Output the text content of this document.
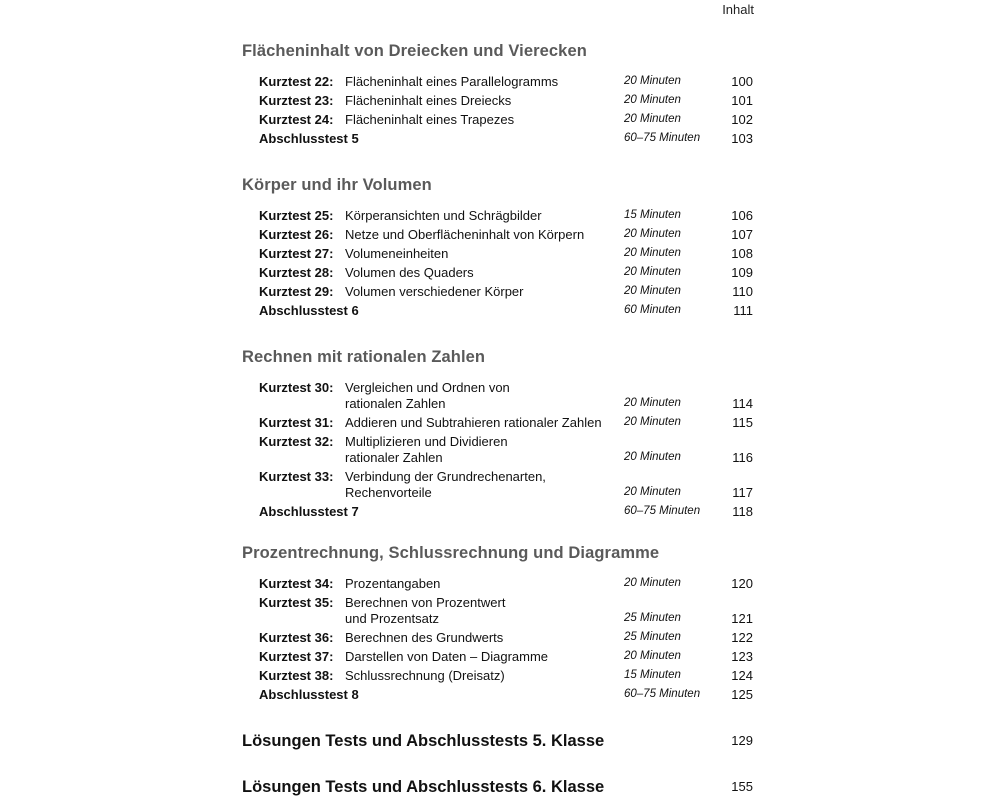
Inhalt
Flächeninhalt von Dreiecken und Vierecken
Kurztest 22: Flächeninhalt eines Parallelogramms	20 Minuten	100
Kurztest 23: Flächeninhalt eines Dreiecks	20 Minuten	101
Kurztest 24: Flächeninhalt eines Trapezes	20 Minuten	102
Abschlusstest 5	60–75 Minuten	103
Körper und ihr Volumen
Kurztest 25: Körperansichten und Schrägbilder	15 Minuten	106
Kurztest 26: Netze und Oberflächeninhalt von Körpern	20 Minuten	107
Kurztest 27: Volumeneinheiten	20 Minuten	108
Kurztest 28: Volumen des Quaders	20 Minuten	109
Kurztest 29: Volumen verschiedener Körper	20 Minuten	110
Abschlusstest 6	60 Minuten	111
Rechnen mit rationalen Zahlen
Kurztest 30: Vergleichen und Ordnen von
rationalen Zahlen	20 Minuten	114
Kurztest 31: Addieren und Subtrahieren rationaler Zahlen	20 Minuten	115
Kurztest 32: Multiplizieren und Dividieren
rationaler Zahlen	20 Minuten	116
Kurztest 33: Verbindung der Grundrechenarten,
Rechenvorteile	20 Minuten	117
Abschlusstest 7	60–75 Minuten	118
Prozentrechnung, Schlussrechnung und Diagramme
Kurztest 34: Prozentangaben	20 Minuten	120
Kurztest 35: Berechnen von Prozentwert
und Prozentsatz	25 Minuten	121
Kurztest 36: Berechnen des Grundwerts	25 Minuten	122
Kurztest 37: Darstellen von Daten – Diagramme	20 Minuten	123
Kurztest 38: Schlussrechnung (Dreisatz)	15 Minuten	124
Abschlusstest 8	60–75 Minuten	125
Lösungen Tests und Abschlusstests 5. Klasse	129
Lösungen Tests und Abschlusstests 6. Klasse	155
